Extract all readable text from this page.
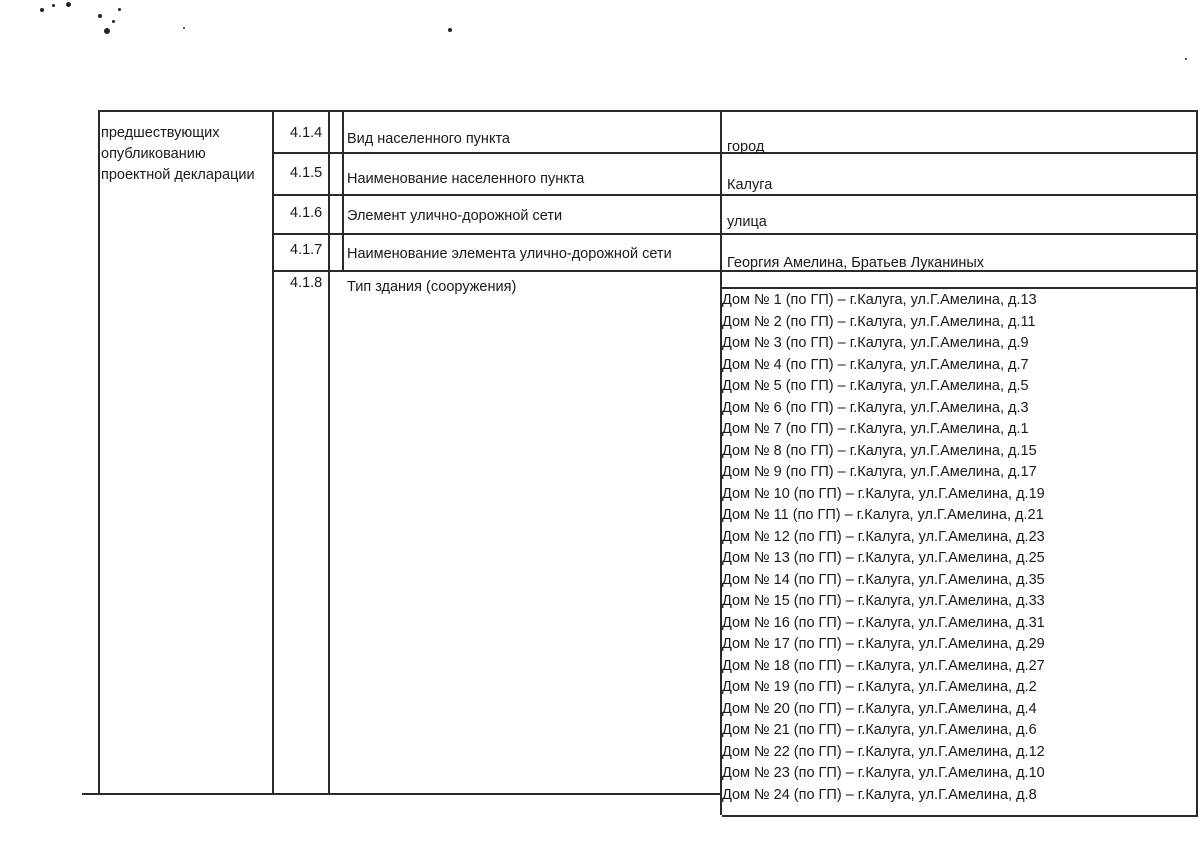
предшествующих
опубликованию
проектной декларации
4.1.4
4.1.5
4.1.6
4.1.7
4.1.8
Вид населенного пункта
Наименование населенного пункта
Элемент улично-дорожной сети
Наименование элемента улично-дорожной сети
Тип здания (сооружения)
город
Калуга
улица
Георгия Амелина, Братьев Луканиных
Дом № 1 (по ГП) – г.Калуга, ул.Г.Амелина, д.13
Дом № 2 (по ГП) – г.Калуга, ул.Г.Амелина, д.11
Дом № 3 (по ГП) – г.Калуга, ул.Г.Амелина, д.9
Дом № 4 (по ГП) – г.Калуга, ул.Г.Амелина, д.7
Дом № 5 (по ГП) – г.Калуга, ул.Г.Амелина, д.5
Дом № 6 (по ГП) – г.Калуга, ул.Г.Амелина, д.3
Дом № 7 (по ГП) – г.Калуга, ул.Г.Амелина, д.1
Дом № 8 (по ГП) – г.Калуга, ул.Г.Амелина, д.15
Дом № 9 (по ГП) – г.Калуга, ул.Г.Амелина, д.17
Дом № 10 (по ГП) – г.Калуга, ул.Г.Амелина, д.19
Дом № 11 (по ГП) – г.Калуга, ул.Г.Амелина, д.21
Дом № 12 (по ГП) – г.Калуга, ул.Г.Амелина, д.23
Дом № 13 (по ГП) – г.Калуга, ул.Г.Амелина, д.25
Дом № 14 (по ГП) – г.Калуга, ул.Г.Амелина, д.35
Дом № 15 (по ГП) – г.Калуга, ул.Г.Амелина, д.33
Дом № 16 (по ГП) – г.Калуга, ул.Г.Амелина, д.31
Дом № 17 (по ГП) – г.Калуга, ул.Г.Амелина, д.29
Дом № 18 (по ГП) – г.Калуга, ул.Г.Амелина, д.27
Дом № 19 (по ГП) – г.Калуга, ул.Г.Амелина, д.2
Дом № 20 (по ГП) – г.Калуга, ул.Г.Амелина, д.4
Дом № 21 (по ГП) – г.Калуга, ул.Г.Амелина, д.6
Дом № 22 (по ГП) – г.Калуга, ул.Г.Амелина, д.12
Дом № 23 (по ГП) – г.Калуга, ул.Г.Амелина, д.10
Дом № 24 (по ГП) – г.Калуга, ул.Г.Амелина, д.8
